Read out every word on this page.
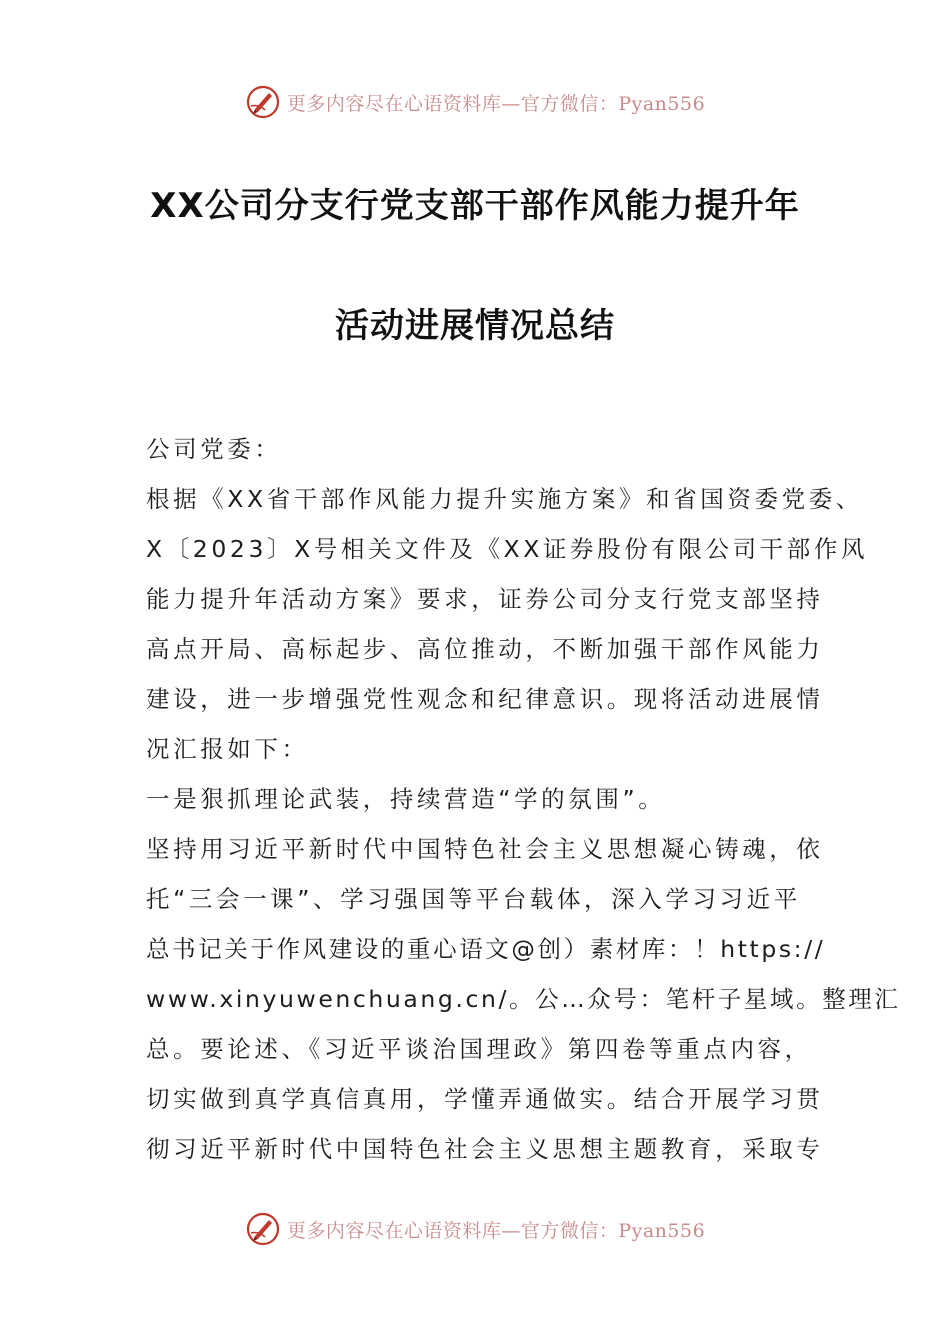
更多内容尽在心语资料库—官方微信：Pyan556
XX公司分支行党支部干部作风能力提升年
活动进展情况总结
公司党委：
根据《XX省干部作风能力提升实施方案》和省国资委党委、
X〔2023〕X号相关文件及《XX证券股份有限公司干部作风
能力提升年活动方案》要求，证券公司分支行党支部坚持
高点开局、高标起步、高位推动，不断加强干部作风能力
建设，进一步增强党性观念和纪律意识。现将活动进展情
况汇报如下：
一是狠抓理论武装，持续营造“学的氛围”。
坚持用习近平新时代中国特色社会主义思想凝心铸魂，依
托“三会一课”、学习强国等平台载体，深入学习习近平
总书记关于作风建设的重心语文@创）素材库：！https://
www.xinyuwenchuang.cn/。公…众号：笔杆子星域。整理汇
总。要论述、《习近平谈治国理政》第四卷等重点内容，
切实做到真学真信真用，学懂弄通做实。结合开展学习贯
彻习近平新时代中国特色社会主义思想主题教育，采取专
更多内容尽在心语资料库—官方微信：Pyan556
